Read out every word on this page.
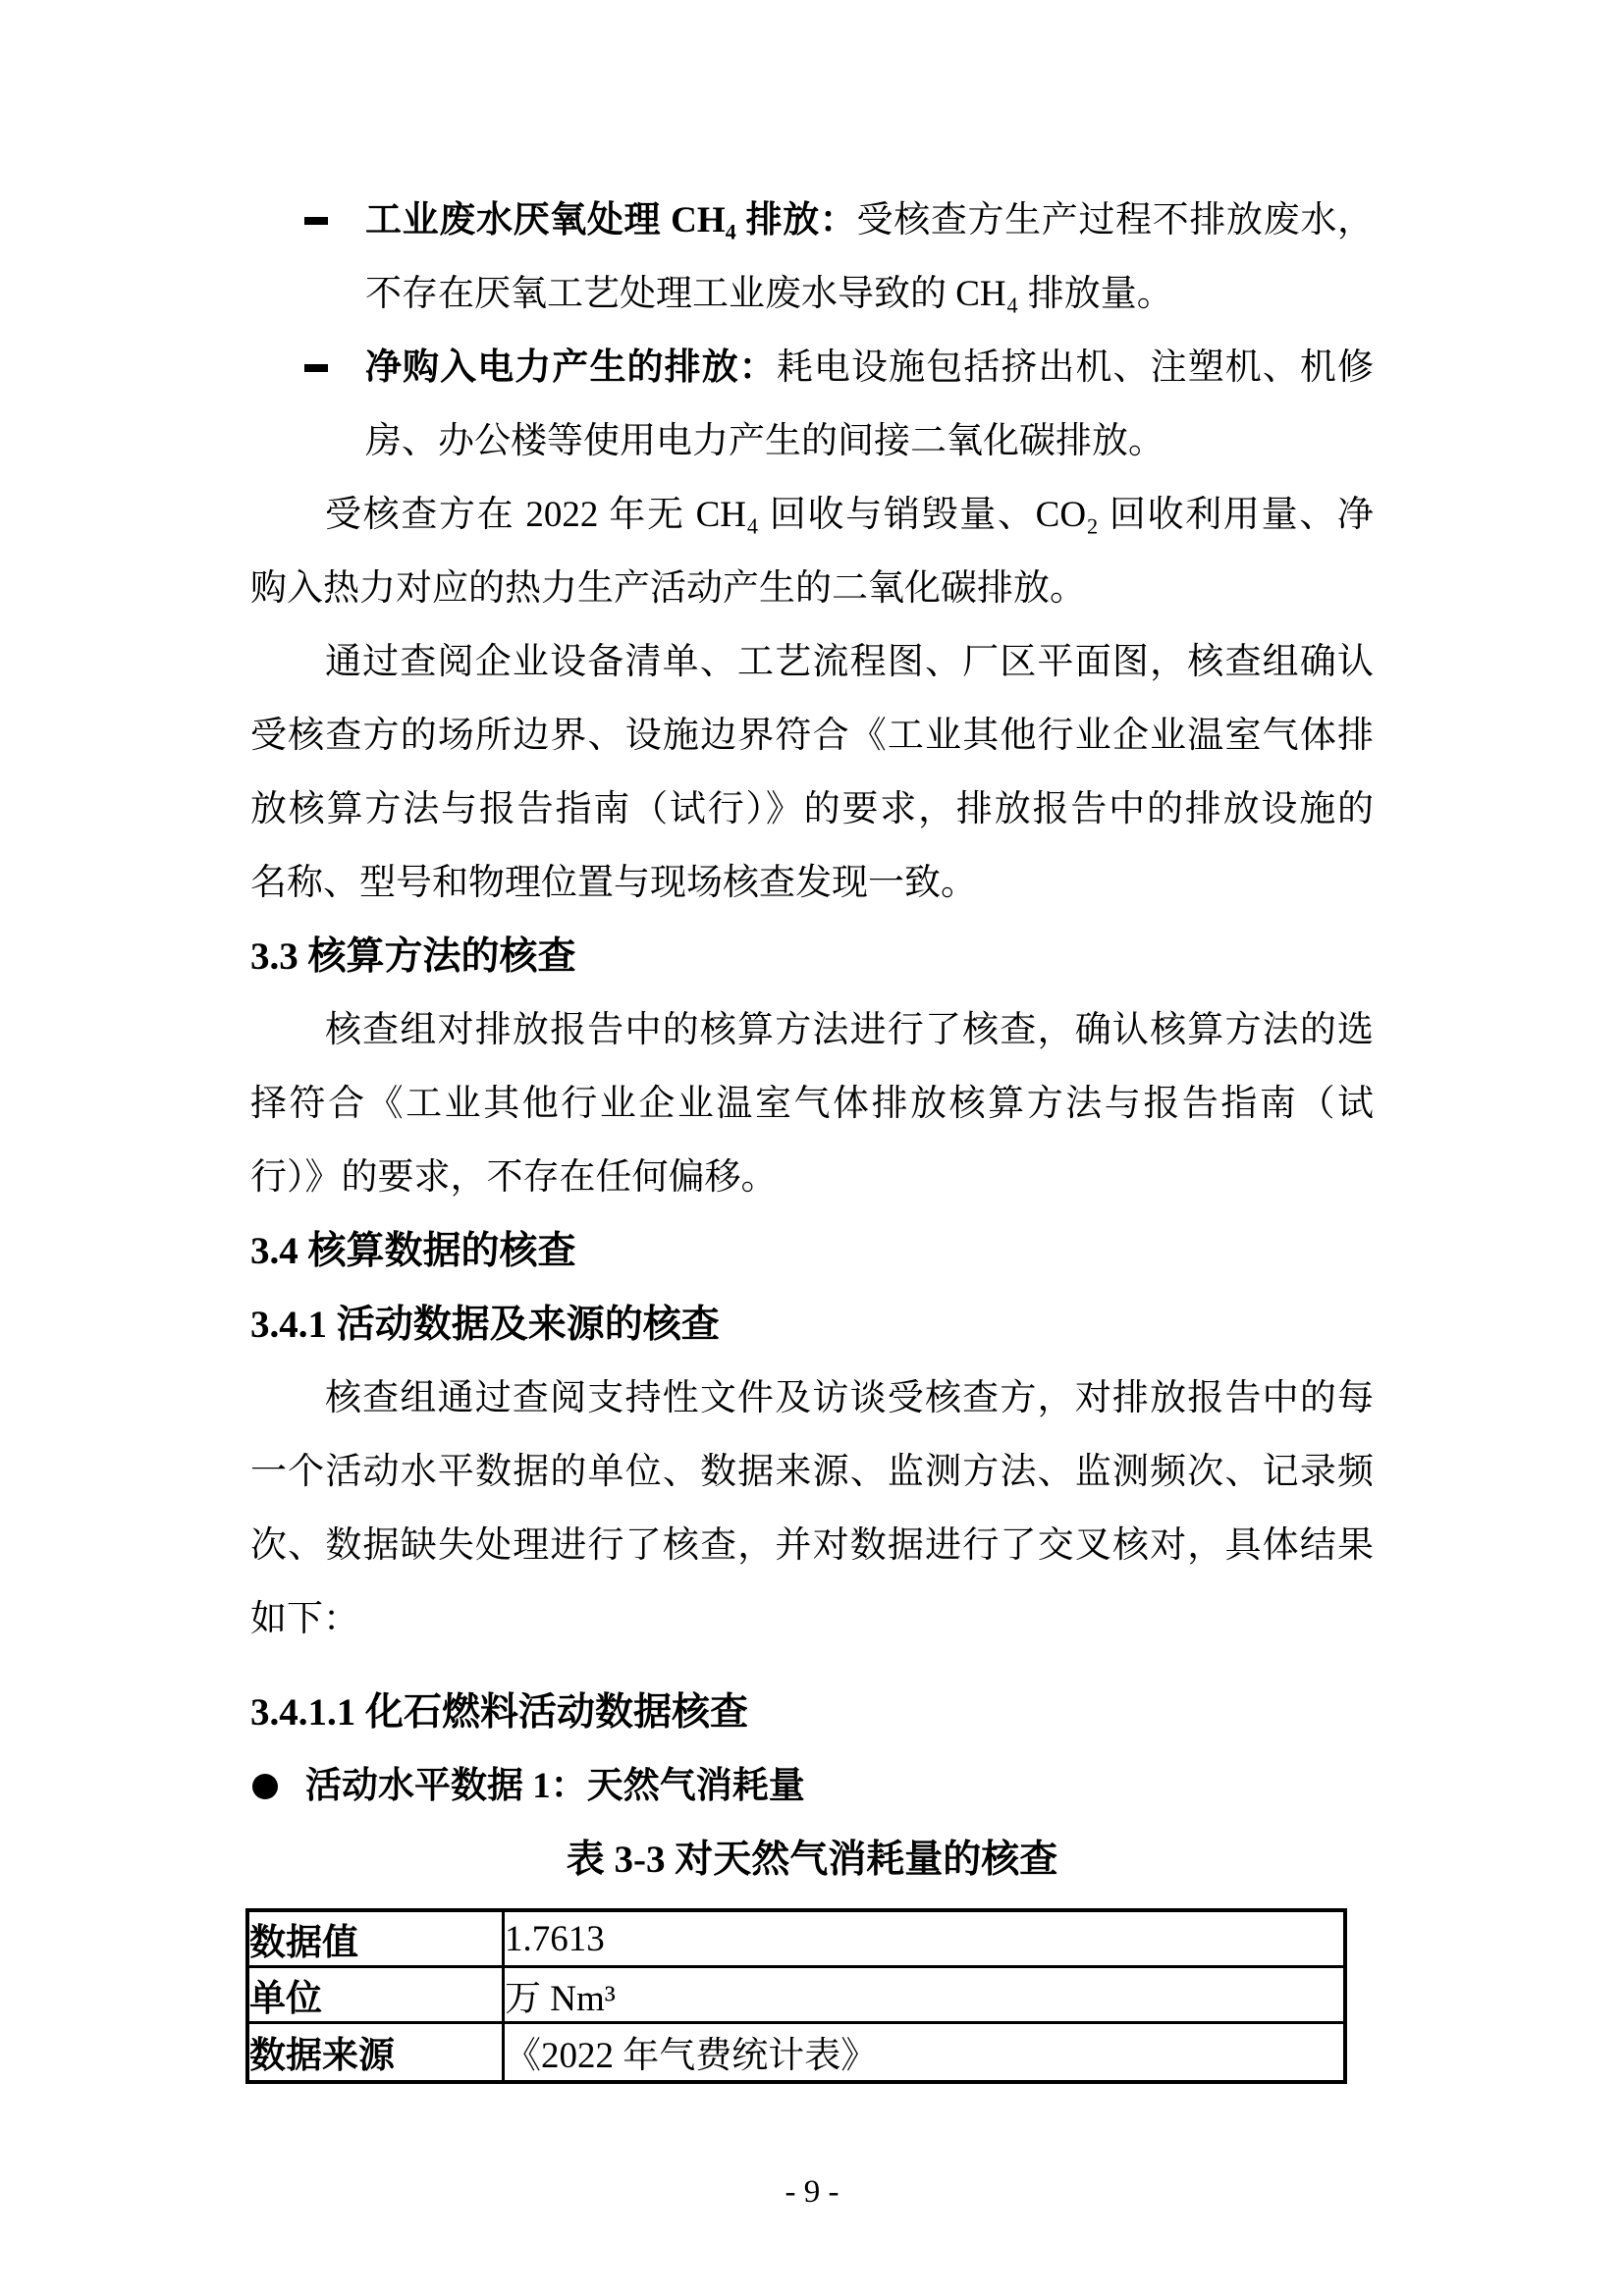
工业废水厌氧处理 CH₄ 排放：受核查方生产过程不排放废水，
不存在厌氧工艺处理工业废水导致的 CH₄ 排放量。
净购入电力产生的排放：耗电设施包括挤出机、注塑机、机修
房、办公楼等使用电力产生的间接二氧化碳排放。
受核查方在 2022 年无 CH₄ 回收与销毁量、CO₂ 回收利用量、净
购入热力对应的热力生产活动产生的二氧化碳排放。
通过查阅企业设备清单、工艺流程图、厂区平面图，核查组确认
受核查方的场所边界、设施边界符合《工业其他行业企业温室气体排
放核算方法与报告指南（试行）》的要求，排放报告中的排放设施的
名称、型号和物理位置与现场核查发现一致。
3.3 核算方法的核查
核查组对排放报告中的核算方法进行了核查，确认核算方法的选
择符合《工业其他行业企业温室气体排放核算方法与报告指南（试
行）》的要求，不存在任何偏移。
3.4 核算数据的核查
3.4.1 活动数据及来源的核查
核查组通过查阅支持性文件及访谈受核查方，对排放报告中的每
一个活动水平数据的单位、数据来源、监测方法、监测频次、记录频
次、数据缺失处理进行了核查，并对数据进行了交叉核对，具体结果
如下：
3.4.1.1 化石燃料活动数据核查
活动水平数据 1：天然气消耗量
表 3-3 对天然气消耗量的核查
数据值	1.7613
单位	万 Nm³
数据来源	《2022 年气费统计表》
- 9 -
